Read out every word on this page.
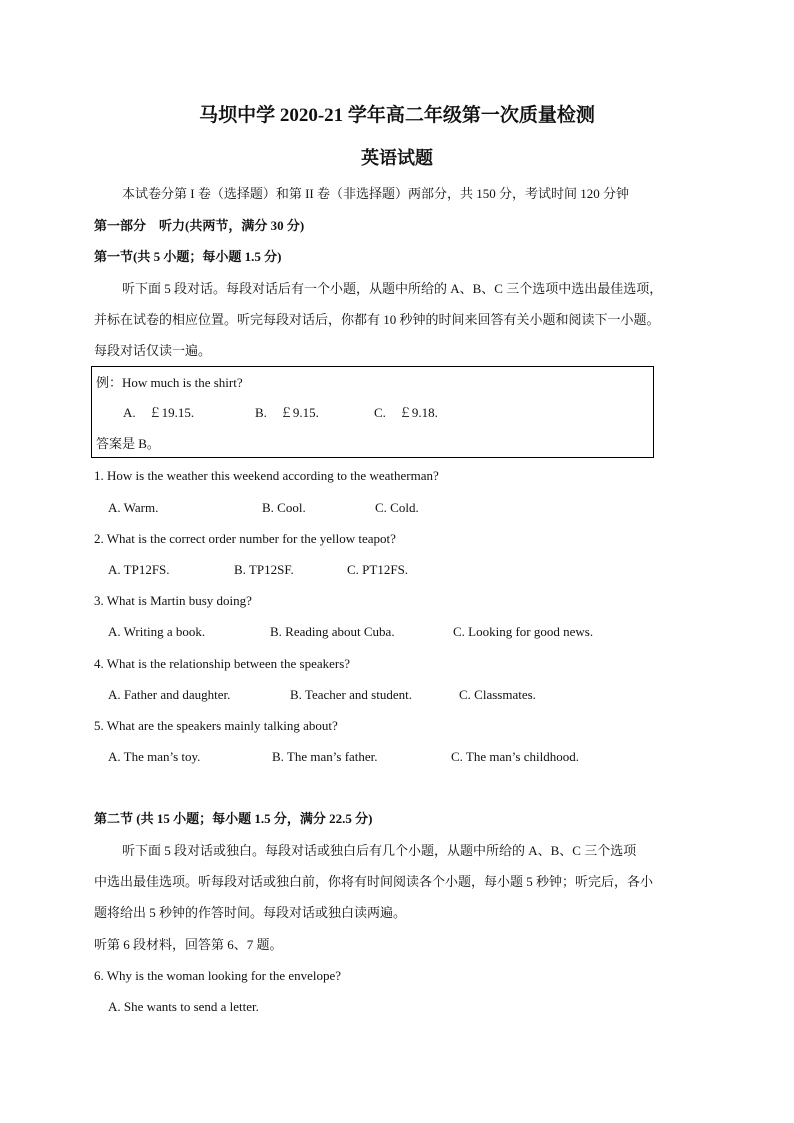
马坝中学 2020-21 学年高二年级第一次质量检测
英语试题
本试卷分第 I 卷（选择题）和第 II 卷（非选择题）两部分，共 150 分，考试时间 120 分钟
第一部分　听力(共两节，满分 30 分)
第一节(共 5 小题；每小题 1.5 分)
听下面 5 段对话。每段对话后有一个小题，从题中所给的 A、B、C 三个选项中选出最佳选项，
并标在试卷的相应位置。听完每段对话后，你都有 10 秒钟的时间来回答有关小题和阅读下一小题。
每段对话仅读一遍。
例：How much is the shirt?
A.　￡19.15.	B.　￡9.15.	C.　￡9.18.
答案是 B。
1. How is the weather this weekend according to the weatherman?
A. Warm.	B. Cool.	C. Cold.
2. What is the correct order number for the yellow teapot?
A. TP12FS.	B. TP12SF.	C. PT12FS.
3. What is Martin busy doing?
A. Writing a book.	B. Reading about Cuba.	C. Looking for good news.
4. What is the relationship between the speakers?
A. Father and daughter.	B. Teacher and student.	C. Classmates.
5. What are the speakers mainly talking about?
A. The man’s toy.	B. The man’s father.	C. The man’s childhood.
第二节 (共 15 小题；每小题 1.5 分，满分 22.5 分)
听下面 5 段对话或独白。每段对话或独白后有几个小题，从题中所给的 A、B、C 三个选项
中选出最佳选项。听每段对话或独白前，你将有时间阅读各个小题，每小题 5 秒钟；听完后，各小
题将给出 5 秒钟的作答时间。每段对话或独白读两遍。
听第 6 段材料，回答第 6、7 题。
6. Why is the woman looking for the envelope?
A. She wants to send a letter.
